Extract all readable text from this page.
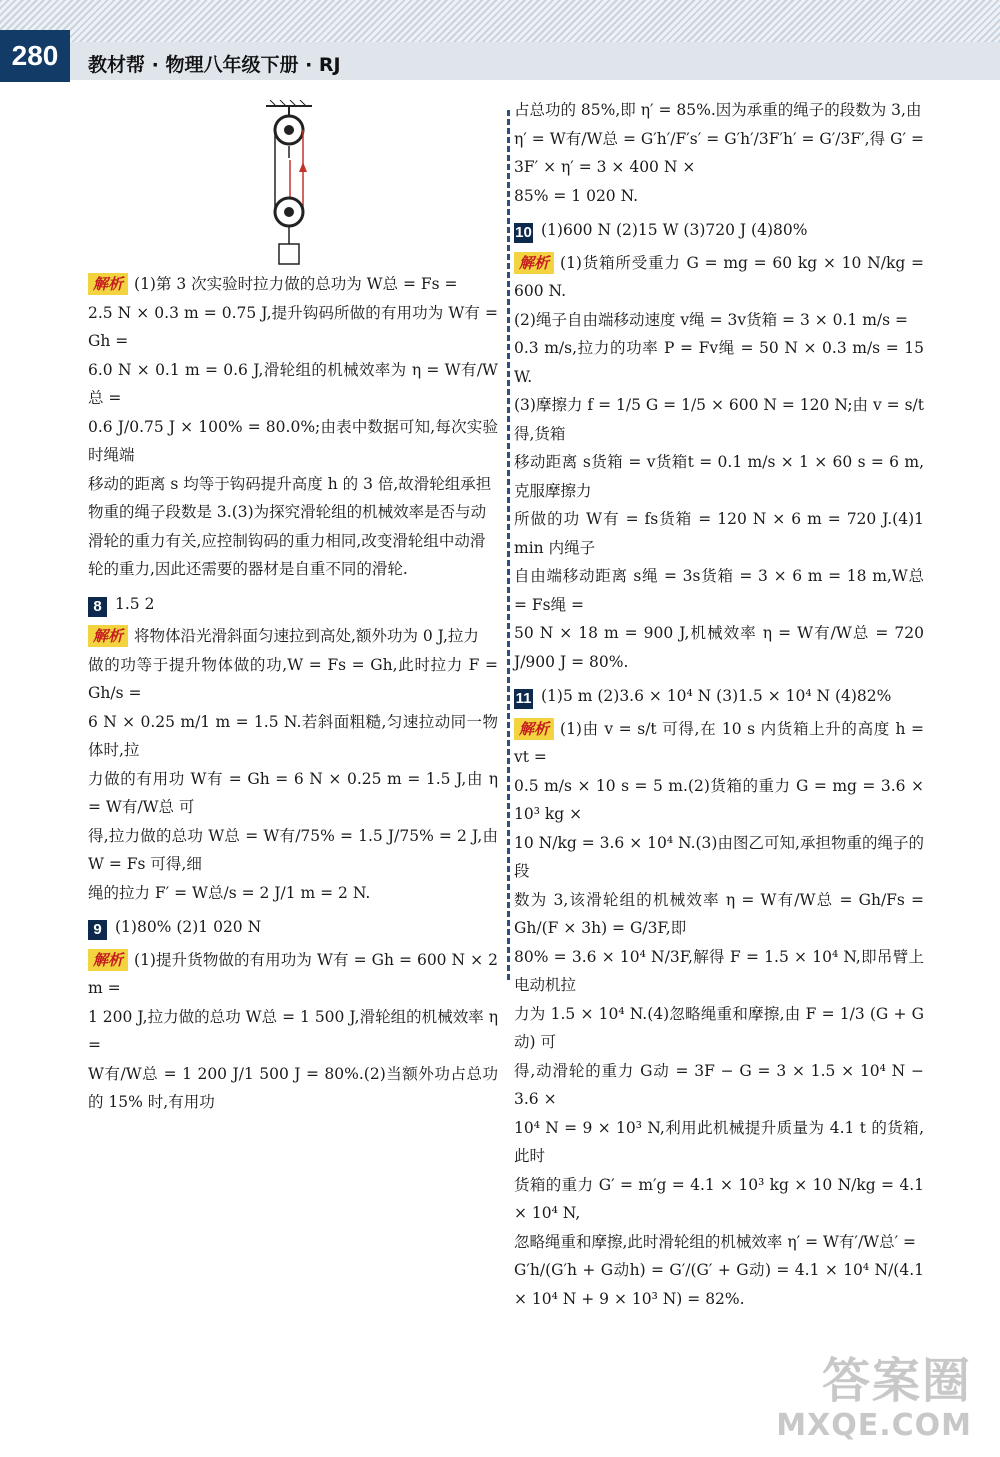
280	教材帮 · 物理八年级下册 · RJ

解析 (1)第 3 次实验时拉力做的总功为 W总 = Fs =
2.5 N × 0.3 m = 0.75 J,提升钩码所做的有用功为 W有 = Gh =
6.0 N × 0.1 m = 0.6 J,滑轮组的机械效率为 η = W有/W总 =
0.6 J/0.75 J × 100% = 80.0%;由表中数据可知,每次实验时绳端
移动的距离 s 均等于钩码提升高度 h 的 3 倍,故滑轮组承担
物重的绳子段数是 3.(3)为探究滑轮组的机械效率是否与动
滑轮的重力有关,应控制钩码的重力相同,改变滑轮组中动滑
轮的重力,因此还需要的器材是自重不同的滑轮.

8 1.5 2

解析 将物体沿光滑斜面匀速拉到高处,额外功为 0 J,拉力
做的功等于提升物体做的功,W = Fs = Gh,此时拉力 F = Gh/s =
6 N × 0.25 m/1 m = 1.5 N.若斜面粗糙,匀速拉动同一物体时,拉
力做的有用功 W有 = Gh = 6 N × 0.25 m = 1.5 J,由 η = W有/W总 可
得,拉力做的总功 W总 = W有/75% = 1.5 J/75% = 2 J,由 W = Fs 可得,细
绳的拉力 F′ = W总/s = 2 J/1 m = 2 N.

9 (1)80% (2)1 020 N

解析 (1)提升货物做的有用功为 W有 = Gh = 600 N × 2 m =
1 200 J,拉力做的总功 W总 = 1 500 J,滑轮组的机械效率 η =
W有/W总 = 1 200 J/1 500 J = 80%.(2)当额外功占总功的 15% 时,有用功

占总功的 85%,即 η′ = 85%.因为承重的绳子的段数为 3,由
η′ = W有/W总 = G′h′/F′s′ = G′h′/3F′h′ = G′/3F′,得 G′ = 3F′ × η′ = 3 × 400 N ×
85% = 1 020 N.

10 (1)600 N (2)15 W (3)720 J (4)80%

解析 (1)货箱所受重力 G = mg = 60 kg × 10 N/kg = 600 N.
(2)绳子自由端移动速度 v绳 = 3v货箱 = 3 × 0.1 m/s =
0.3 m/s,拉力的功率 P = Fv绳 = 50 N × 0.3 m/s = 15 W.
(3)摩擦力 f = 1/5 G = 1/5 × 600 N = 120 N;由 v = s/t 得,货箱
移动距离 s货箱 = v货箱t = 0.1 m/s × 1 × 60 s = 6 m,克服摩擦力
所做的功 W有 = fs货箱 = 120 N × 6 m = 720 J.(4)1 min 内绳子
自由端移动距离 s绳 = 3s货箱 = 3 × 6 m = 18 m,W总 = Fs绳 =
50 N × 18 m = 900 J,机械效率 η = W有/W总 = 720 J/900 J = 80%.

11 (1)5 m (2)3.6 × 10⁴ N (3)1.5 × 10⁴ N (4)82%

解析 (1)由 v = s/t 可得,在 10 s 内货箱上升的高度 h = vt =
0.5 m/s × 10 s = 5 m.(2)货箱的重力 G = mg = 3.6 × 10³ kg ×
10 N/kg = 3.6 × 10⁴ N.(3)由图乙可知,承担物重的绳子的段
数为 3,该滑轮组的机械效率 η = W有/W总 = Gh/Fs = Gh/(F × 3h) = G/3F,即
80% = 3.6 × 10⁴ N/3F,解得 F = 1.5 × 10⁴ N,即吊臂上电动机拉
力为 1.5 × 10⁴ N.(4)忽略绳重和摩擦,由 F = 1/3 (G + G动) 可
得,动滑轮的重力 G动 = 3F − G = 3 × 1.5 × 10⁴ N − 3.6 ×
10⁴ N = 9 × 10³ N,利用此机械提升质量为 4.1 t 的货箱,此时
货箱的重力 G′ = m′g = 4.1 × 10³ kg × 10 N/kg = 4.1 × 10⁴ N,
忽略绳重和摩擦,此时滑轮组的机械效率 η′ = W有′/W总′ =
G′h/(G′h + G动h) = G′/(G′ + G动) = 4.1 × 10⁴ N/(4.1 × 10⁴ N + 9 × 10³ N) = 82%.

答案圈
MXQE.COM
